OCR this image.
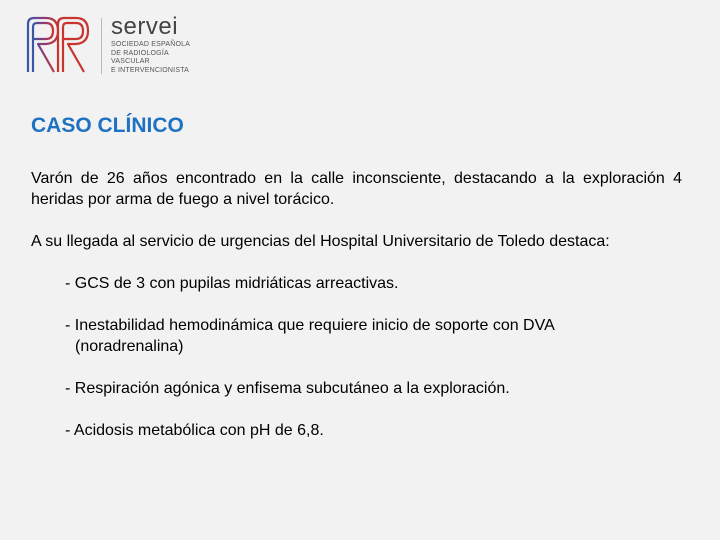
servei
SOCIEDAD ESPAÑOLA
DE RADIOLOGÍA
VASCULAR
E INTERVENCIONISTA
CASO CLÍNICO

Varón de 26 años encontrado en la calle inconsciente, destacando a la exploración 4 heridas por arma de fuego a nivel torácico.

A su llegada al servicio de urgencias del Hospital Universitario de Toledo destaca:

- GCS de 3 con pupilas midriáticas arreactivas.
- Inestabilidad hemodinámica que requiere inicio de soporte con DVA
(noradrenalina)
- Respiración agónica y enfisema subcutáneo a la exploración.
- Acidosis metabólica con pH de 6,8.
